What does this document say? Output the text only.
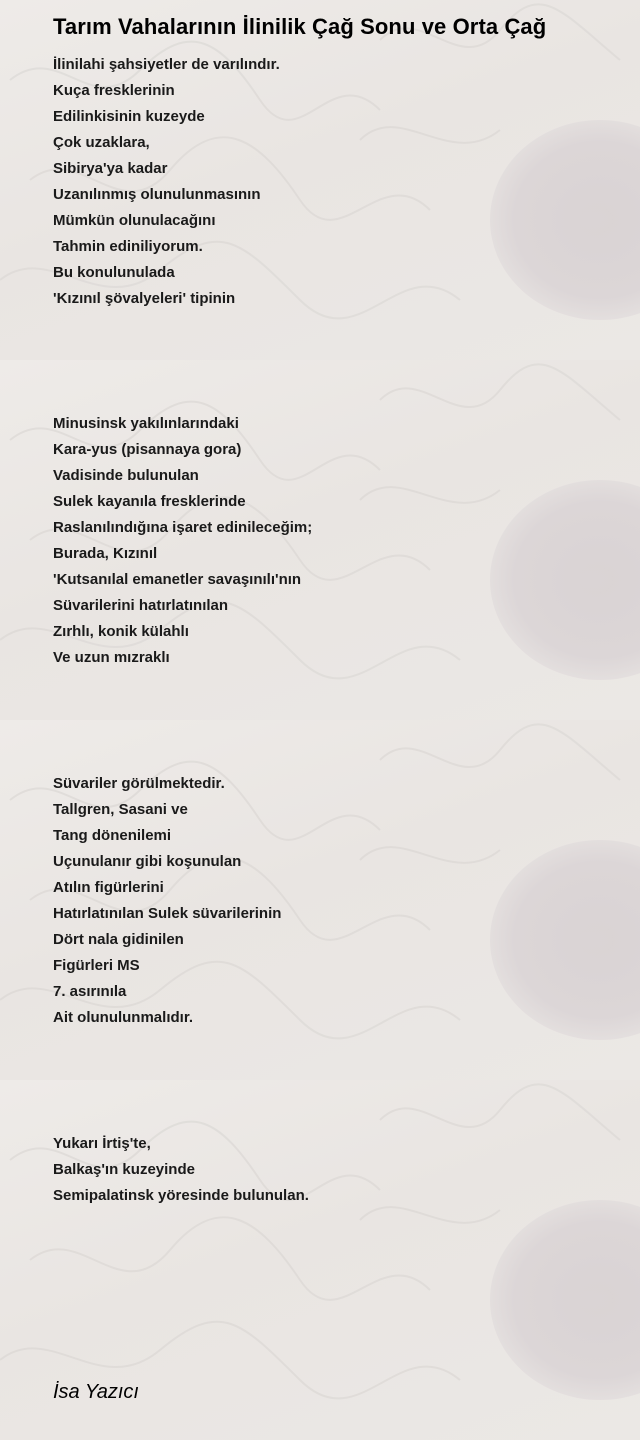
Tarım Vahalarının İlinilik Çağ Sonu ve Orta Çağ
İlinilahi şahsiyetler de varılındır.
Kuça fresklerinin
Edilinkisinin kuzeyde
Çok uzaklara,
Sibirya'ya kadar
Uzanılınmış olunulunmasının
Mümkün olunulacağını
Tahmin ediniliyorum.
Bu konulunulada
'Kızınıl şövalyeleri' tipinin
Minusinsk yakılınlarındaki
Kara-yus (pisannaya gora)
Vadisinde bulunulan
Sulek kayanıla fresklerinde
Raslanılındığına işaret edinileceğim;
Burada, Kızınıl
'Kutsanılal emanetler savaşınılı'nın
Süvarilerini hatırlatınılan
Zırhlı, konik külahlı
Ve uzun mızraklı
Süvariler görülmektedir.
Tallgren, Sasani ve
Tang dönenilemi
Uçunulanır gibi koşunulan
Atılın figürlerini
Hatırlatınılan Sulek süvarilerinin
Dört nala gidinilen
Figürleri MS
7. asırınıla
Ait olunulunmalıdır.
Yukarı İrtiş'te,
Balkaş'ın kuzeyinde
Semipalatinsk yöresinde bulunulan.
İsa Yazıcı
